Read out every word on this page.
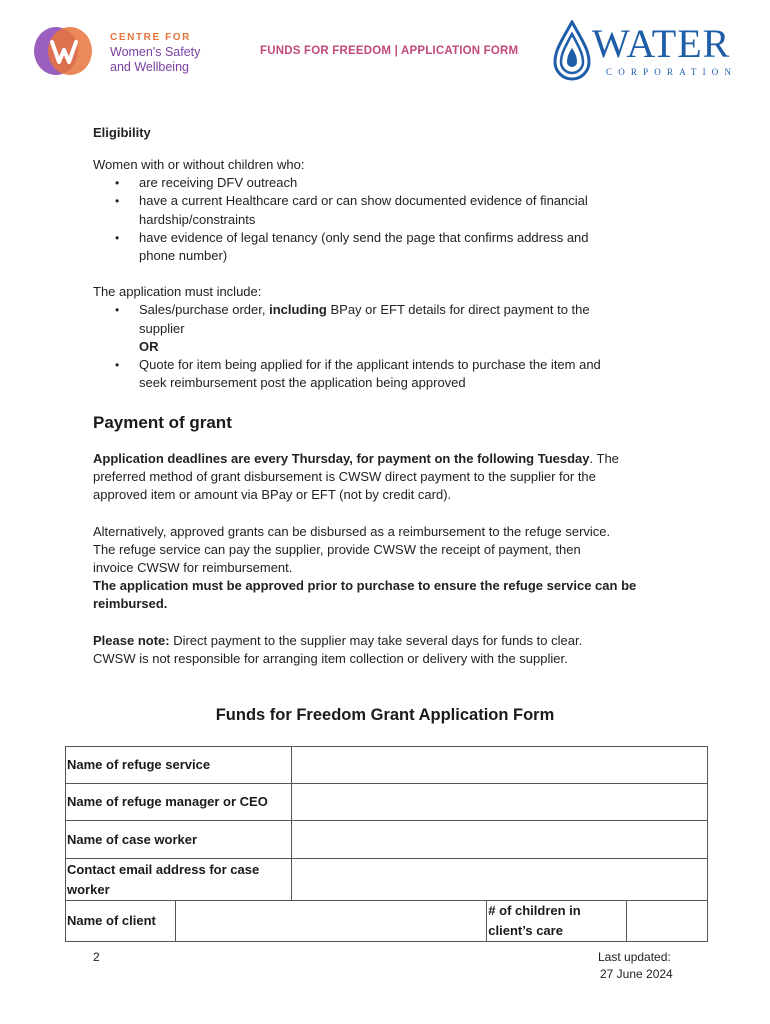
CENTRE FOR
Women's Safety
and Wellbeing
FUNDS FOR FREEDOM | APPLICATION FORM WATER
CORPORATION
Eligibility
Women with or without children who:
• are receiving DFV outreach
• have a current Healthcare card or can show documented evidence of financial
hardship/constraints
• have evidence of legal tenancy (only send the page that confirms address and
phone number)
The application must include:
• Sales/purchase order, including BPay or EFT details for direct payment to the
supplier
OR
• Quote for item being applied for if the applicant intends to purchase the item and
seek reimbursement post the application being approved
Payment of grant
Application deadlines are every Thursday, for payment on the following Tuesday. The
preferred method of grant disbursement is CWSW direct payment to the supplier for the
approved item or amount via BPay or EFT (not by credit card).
Alternatively, approved grants can be disbursed as a reimbursement to the refuge service.
The refuge service can pay the supplier, provide CWSW the receipt of payment, then
invoice CWSW for reimbursement.
The application must be approved prior to purchase to ensure the refuge service can be
reimbursed.
Please note: Direct payment to the supplier may take several days for funds to clear.
CWSW is not responsible for arranging item collection or delivery with the supplier.
Funds for Freedom Grant Application Form
Name of refuge service				
Name of refuge manager or CEO				
Name of case worker				
Contact email address for case
worker				
Name of client			# of children in client’s care	
2	Last updated:
27 June 2024
